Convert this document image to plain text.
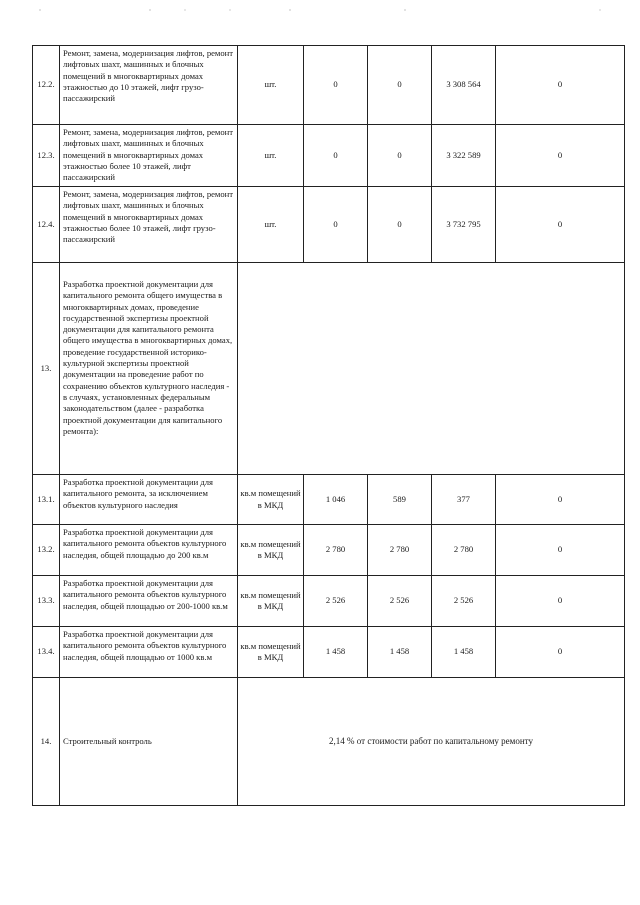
12.2.	Ремонт, замена, модернизация лифтов, ремонт лифтовых шахт, машинных и блочных помещений в многоквартирных домах этажностью до 10 этажей, лифт грузо-пассажирский	шт.	0	0	3 308 564	0
12.3.	Ремонт, замена, модернизация лифтов, ремонт лифтовых шахт, машинных и блочных помещений в многоквартирных домах этажностью более 10 этажей, лифт пассажирский	шт.	0	0	3 322 589	0
12.4.	Ремонт, замена, модернизация лифтов, ремонт лифтовых шахт, машинных и блочных помещений в многоквартирных домах этажностью более 10 этажей, лифт грузо-пассажирский	шт.	0	0	3 732 795	0
13.	Разработка проектной документации для капитального ремонта общего имущества в многоквартирных домах, проведение государственной экспертизы проектной документации для капитального ремонта общего имущества в многоквартирных домах, проведение государственной историко-культурной экспертизы проектной документации на проведение работ по сохранению объектов культурного наследия - в случаях, установленных федеральным законодательством (далее - разработка проектной документации для капитального ремонта):					
13.1.	Разработка проектной документации для капитального ремонта, за исключением объектов культурного наследия	кв.м помещений в МКД	1 046	589	377	0
13.2.	Разработка проектной документации для капитального ремонта объектов культурного наследия, общей площадью до 200 кв.м	кв.м помещений в МКД	2 780	2 780	2 780	0
13.3.	Разработка проектной документации для капитального ремонта объектов культурного наследия, общей площадью от 200-1000 кв.м	кв.м помещений в МКД	2 526	2 526	2 526	0
13.4.	Разработка проектной документации для капитального ремонта объектов культурного наследия, общей площадью от 1000 кв.м	кв.м помещений в МКД	1 458	1 458	1 458	0
14.	Строительный контроль	2,14 % от стоимости работ по капитальному ремонту				
